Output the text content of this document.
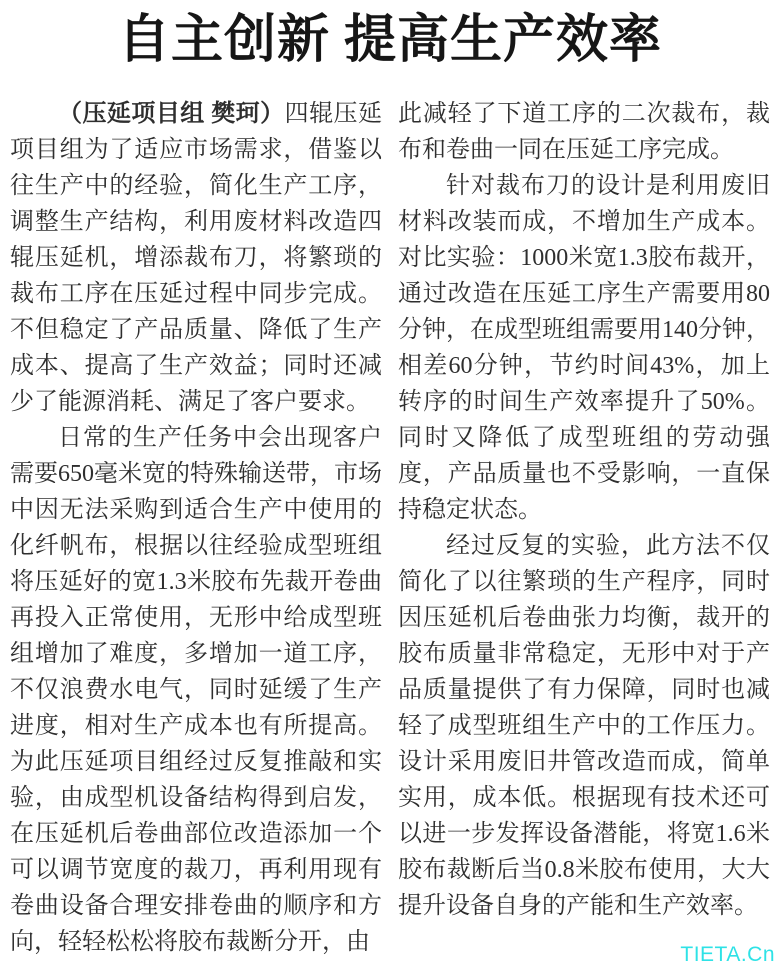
自主创新 提高生产效率

（压延项目组 樊珂）四辊压延项目组为了适应市场需求，借鉴以往生产中的经验，简化生产工序，调整生产结构，利用废材料改造四辊压延机，增添裁布刀，将繁琐的裁布工序在压延过程中同步完成。不但稳定了产品质量、降低了生产成本、提高了生产效益；同时还减少了能源消耗、满足了客户要求。

日常的生产任务中会出现客户需要650毫米宽的特殊输送带，市场中因无法采购到适合生产中使用的化纤帆布，根据以往经验成型班组将压延好的宽1.3米胶布先裁开卷曲再投入正常使用，无形中给成型班组增加了难度，多增加一道工序，不仅浪费水电气，同时延缓了生产进度，相对生产成本也有所提高。为此压延项目组经过反复推敲和实验，由成型机设备结构得到启发，在压延机后卷曲部位改造添加一个可以调节宽度的裁刀，再利用现有卷曲设备合理安排卷曲的顺序和方向，轻轻松松将胶布裁断分开，由

此减轻了下道工序的二次裁布，裁布和卷曲一同在压延工序完成。

针对裁布刀的设计是利用废旧材料改装而成，不增加生产成本。对比实验：1000米宽1.3胶布裁开，通过改造在压延工序生产需要用80分钟，在成型班组需要用140分钟，相差60分钟，节约时间43%，加上转序的时间生产效率提升了50%。同时又降低了成型班组的劳动强度，产品质量也不受影响，一直保持稳定状态。

经过反复的实验，此方法不仅简化了以往繁琐的生产程序，同时因压延机后卷曲张力均衡，裁开的胶布质量非常稳定，无形中对于产品质量提供了有力保障，同时也减轻了成型班组生产中的工作压力。设计采用废旧井管改造而成，简单实用，成本低。根据现有技术还可以进一步发挥设备潜能，将宽1.6米胶布裁断后当0.8米胶布使用，大大提升设备自身的产能和生产效率。

TIETA.Cn
